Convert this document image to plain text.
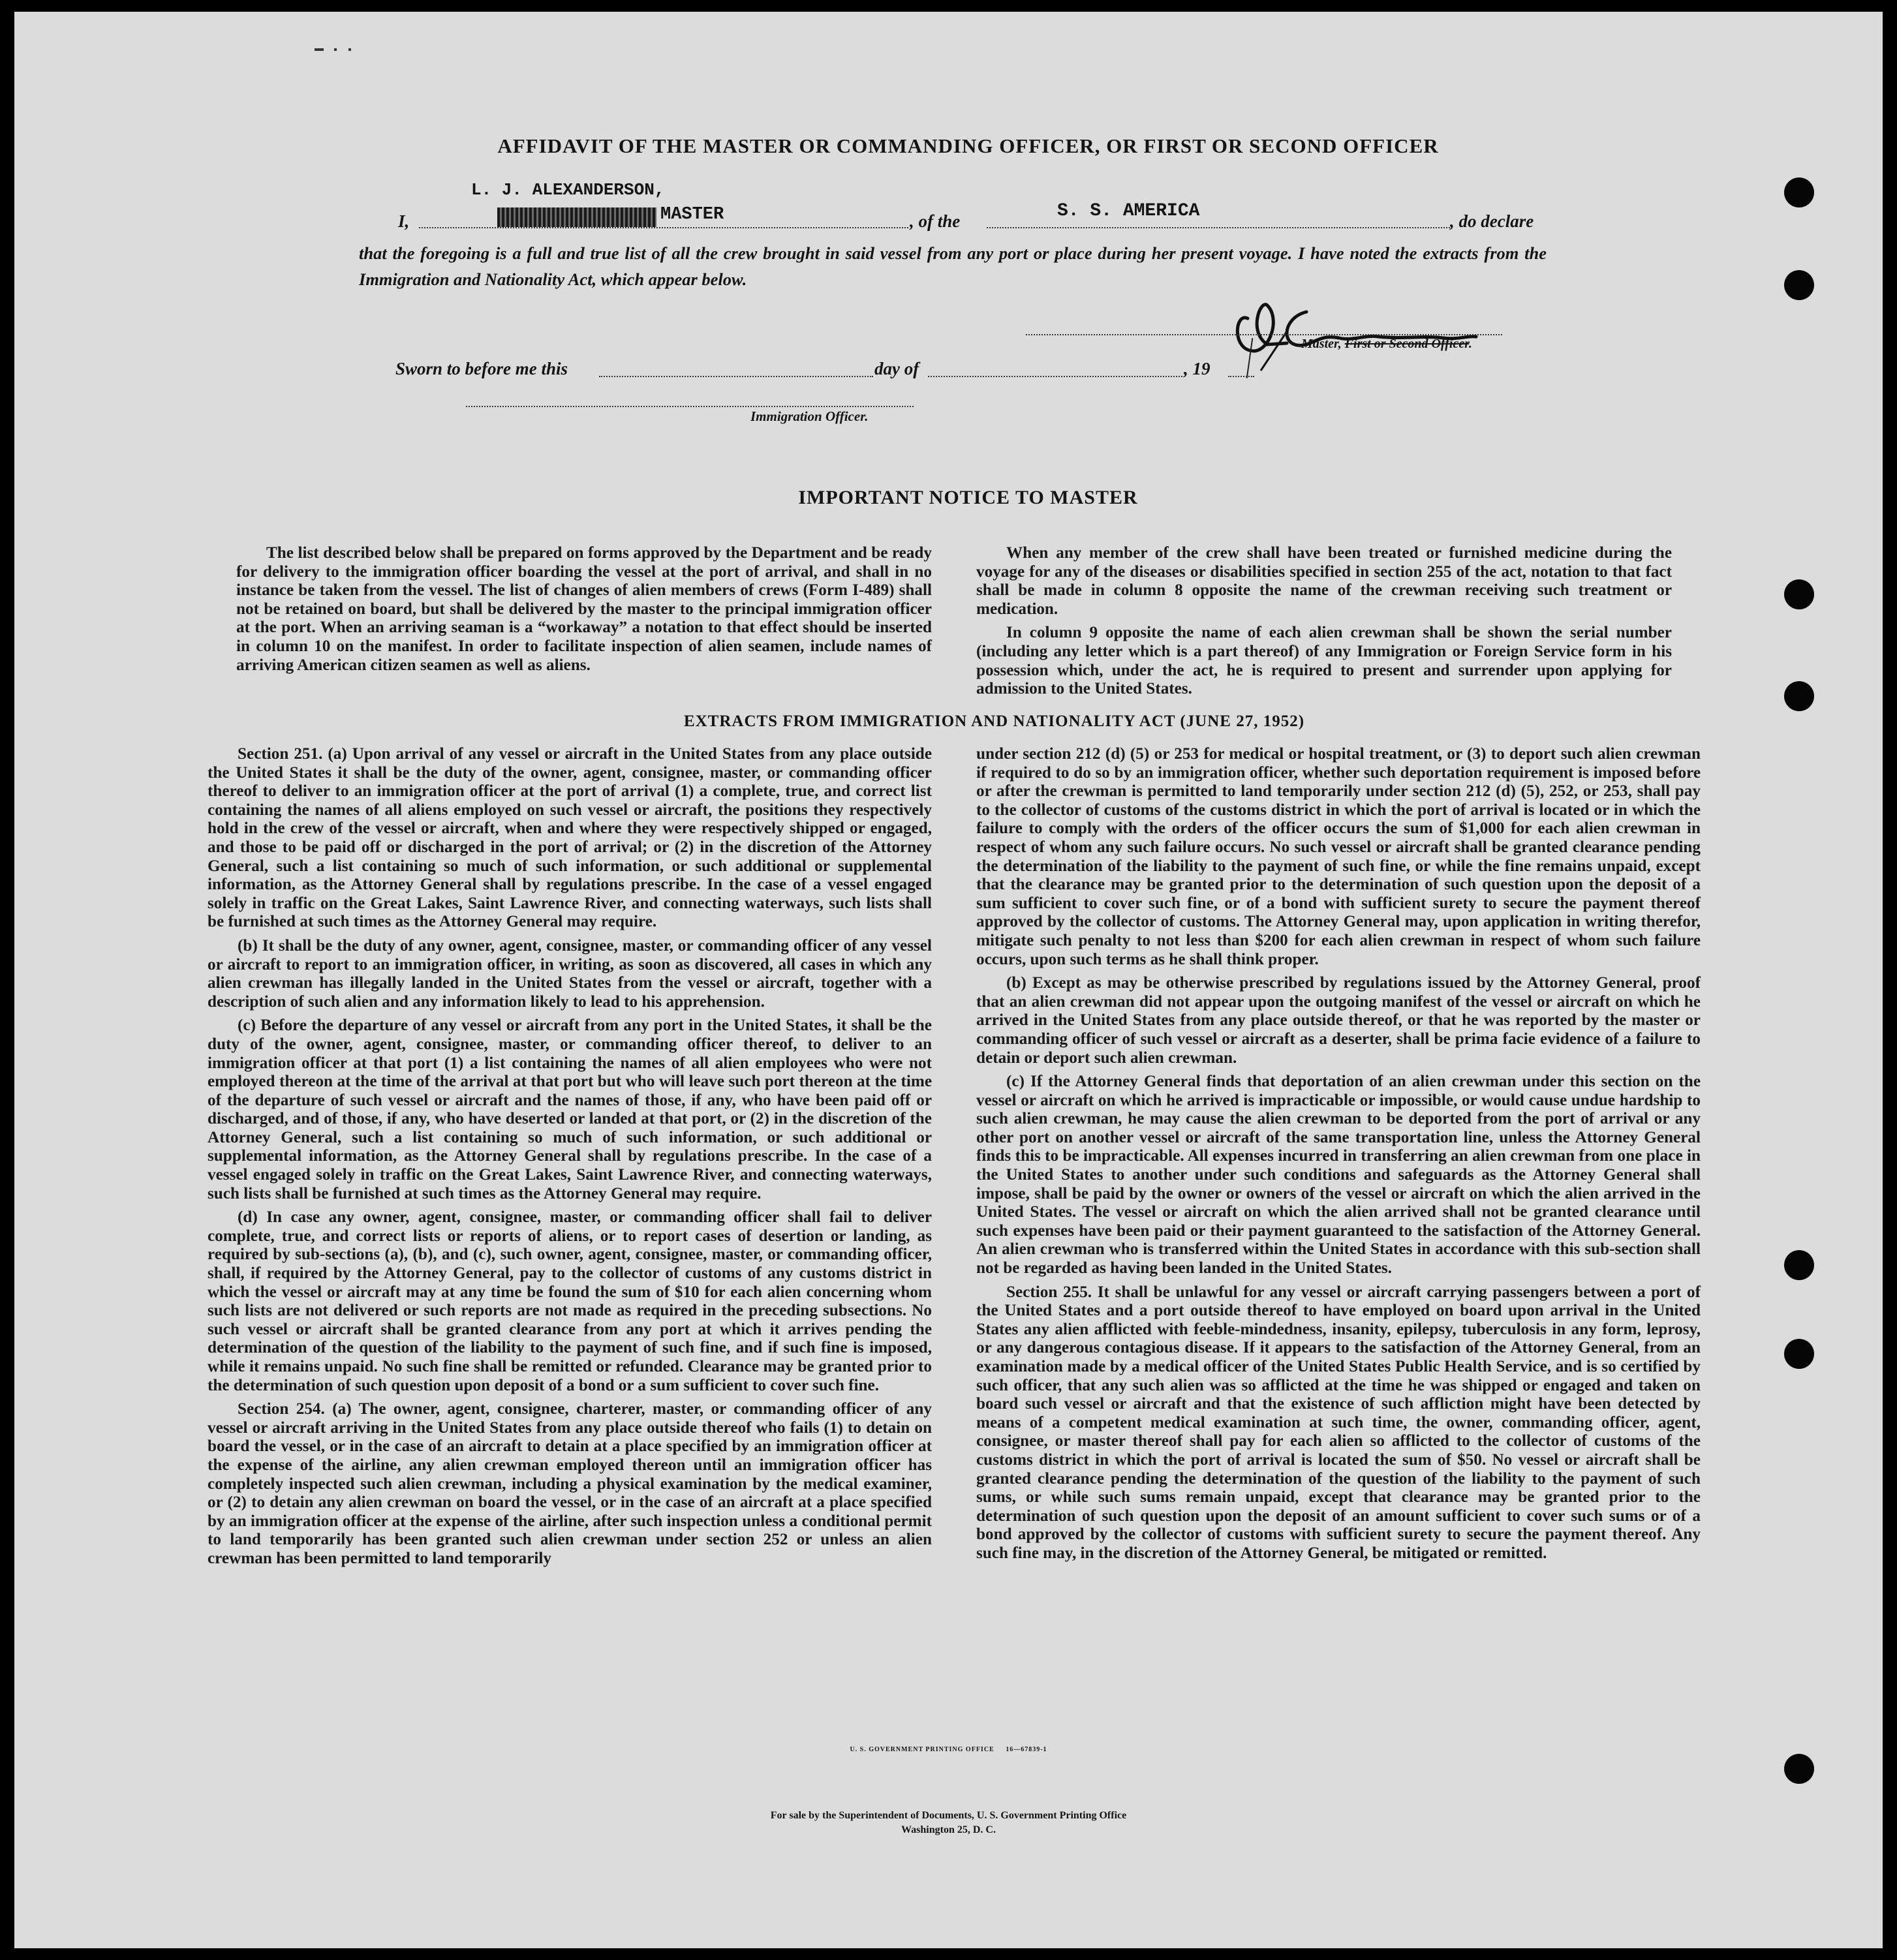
AFFIDAVIT OF THE MASTER OR COMMANDING OFFICER, OR FIRST OR SECOND OFFICER
L. J. ALEXANDERSON,
I,	MASTER	, of the	S. S. AMERICA	, do declare
that the foregoing is a full and true list of all the crew brought in said vessel from any port or place during her present voyage. I have noted the extracts from the Immigration and Nationality Act, which appear below.
Master, First or Second Officer.
Sworn to before me this	day of	, 19
Immigration Officer.
IMPORTANT NOTICE TO MASTER

The list described below shall be prepared on forms approved by the Department and be ready for delivery to the immigration officer boarding the vessel at the port of arrival, and shall in no instance be taken from the vessel. The list of changes of alien members of crews (Form I-489) shall not be retained on board, but shall be delivered by the master to the principal immigration officer at the port. When an arriving seaman is a “workaway” a notation to that effect should be inserted in column 10 on the manifest. In order to facilitate inspection of alien seamen, include names of arriving American citizen seamen as well as aliens.

When any member of the crew shall have been treated or furnished medicine during the voyage for any of the diseases or disabilities specified in section 255 of the act, notation to that fact shall be made in column 8 opposite the name of the crewman receiving such treatment or medication.

In column 9 opposite the name of each alien crewman shall be shown the serial number (including any letter which is a part thereof) of any Immigration or Foreign Service form in his possession which, under the act, he is required to present and surrender upon applying for admission to the United States.

EXTRACTS FROM IMMIGRATION AND NATIONALITY ACT (JUNE 27, 1952)

Section 251. (a) Upon arrival of any vessel or aircraft in the United States from any place outside the United States it shall be the duty of the owner, agent, consignee, master, or commanding officer thereof to deliver to an immigration officer at the port of arrival (1) a complete, true, and correct list containing the names of all aliens employed on such vessel or aircraft, the positions they respectively hold in the crew of the vessel or aircraft, when and where they were respectively shipped or engaged, and those to be paid off or discharged in the port of arrival; or (2) in the discretion of the Attorney General, such a list containing so much of such information, or such additional or supplemental information, as the Attorney General shall by regulations prescribe. In the case of a vessel engaged solely in traffic on the Great Lakes, Saint Lawrence River, and connecting waterways, such lists shall be furnished at such times as the Attorney General may require.

(b) It shall be the duty of any owner, agent, consignee, master, or commanding officer of any vessel or aircraft to report to an immigration officer, in writing, as soon as discovered, all cases in which any alien crewman has illegally landed in the United States from the vessel or aircraft, together with a description of such alien and any information likely to lead to his apprehension.

(c) Before the departure of any vessel or aircraft from any port in the United States, it shall be the duty of the owner, agent, consignee, master, or commanding officer thereof, to deliver to an immigration officer at that port (1) a list containing the names of all alien employees who were not employed thereon at the time of the arrival at that port but who will leave such port thereon at the time of the departure of such vessel or aircraft and the names of those, if any, who have been paid off or discharged, and of those, if any, who have deserted or landed at that port, or (2) in the discretion of the Attorney General, such a list containing so much of such information, or such additional or supplemental information, as the Attorney General shall by regulations prescribe. In the case of a vessel engaged solely in traffic on the Great Lakes, Saint Lawrence River, and connecting waterways, such lists shall be furnished at such times as the Attorney General may require.

(d) In case any owner, agent, consignee, master, or commanding officer shall fail to deliver complete, true, and correct lists or reports of aliens, or to report cases of desertion or landing, as required by sub-sections (a), (b), and (c), such owner, agent, consignee, master, or commanding officer, shall, if required by the Attorney General, pay to the collector of customs of any customs district in which the vessel or aircraft may at any time be found the sum of $10 for each alien concerning whom such lists are not delivered or such reports are not made as required in the preceding subsections. No such vessel or aircraft shall be granted clearance from any port at which it arrives pending the determination of the question of the liability to the payment of such fine, and if such fine is imposed, while it remains unpaid. No such fine shall be remitted or refunded. Clearance may be granted prior to the determination of such question upon deposit of a bond or a sum sufficient to cover such fine.

Section 254. (a) The owner, agent, consignee, charterer, master, or commanding officer of any vessel or aircraft arriving in the United States from any place outside thereof who fails (1) to detain on board the vessel, or in the case of an aircraft to detain at a place specified by an immigration officer at the expense of the airline, any alien crewman employed thereon until an immigration officer has completely inspected such alien crewman, including a physical examination by the medical examiner, or (2) to detain any alien crewman on board the vessel, or in the case of an aircraft at a place specified by an immigration officer at the expense of the airline, after such inspection unless a conditional permit to land temporarily has been granted such alien crewman under section 252 or unless an alien crewman has been permitted to land temporarily

under section 212 (d) (5) or 253 for medical or hospital treatment, or (3) to deport such alien crewman if required to do so by an immigration officer, whether such deportation requirement is imposed before or after the crewman is permitted to land temporarily under section 212 (d) (5), 252, or 253, shall pay to the collector of customs of the customs district in which the port of arrival is located or in which the failure to comply with the orders of the officer occurs the sum of $1,000 for each alien crewman in respect of whom any such failure occurs. No such vessel or aircraft shall be granted clearance pending the determination of the liability to the payment of such fine, or while the fine remains unpaid, except that the clearance may be granted prior to the determination of such question upon the deposit of a sum sufficient to cover such fine, or of a bond with sufficient surety to secure the payment thereof approved by the collector of customs. The Attorney General may, upon application in writing therefor, mitigate such penalty to not less than $200 for each alien crewman in respect of whom such failure occurs, upon such terms as he shall think proper.

(b) Except as may be otherwise prescribed by regulations issued by the Attorney General, proof that an alien crewman did not appear upon the outgoing manifest of the vessel or aircraft on which he arrived in the United States from any place outside thereof, or that he was reported by the master or commanding officer of such vessel or aircraft as a deserter, shall be prima facie evidence of a failure to detain or deport such alien crewman.

(c) If the Attorney General finds that deportation of an alien crewman under this section on the vessel or aircraft on which he arrived is impracticable or impossible, or would cause undue hardship to such alien crewman, he may cause the alien crewman to be deported from the port of arrival or any other port on another vessel or aircraft of the same transportation line, unless the Attorney General finds this to be impracticable. All expenses incurred in transferring an alien crewman from one place in the United States to another under such conditions and safeguards as the Attorney General shall impose, shall be paid by the owner or owners of the vessel or aircraft on which the alien arrived in the United States. The vessel or aircraft on which the alien arrived shall not be granted clearance until such expenses have been paid or their payment guaranteed to the satisfaction of the Attorney General. An alien crewman who is transferred within the United States in accordance with this sub-section shall not be regarded as having been landed in the United States.

Section 255. It shall be unlawful for any vessel or aircraft carrying passengers between a port of the United States and a port outside thereof to have employed on board upon arrival in the United States any alien afflicted with feeble-mindedness, insanity, epilepsy, tuberculosis in any form, leprosy, or any dangerous contagious disease. If it appears to the satisfaction of the Attorney General, from an examination made by a medical officer of the United States Public Health Service, and is so certified by such officer, that any such alien was so afflicted at the time he was shipped or engaged and taken on board such vessel or aircraft and that the existence of such affliction might have been detected by means of a competent medical examination at such time, the owner, commanding officer, agent, consignee, or master thereof shall pay for each alien so afflicted to the collector of customs of the customs district in which the port of arrival is located the sum of $50. No vessel or aircraft shall be granted clearance pending the determination of the question of the liability to the payment of such sums, or while such sums remain unpaid, except that clearance may be granted prior to the determination of such question upon the deposit of an amount sufficient to cover such sums or of a bond approved by the collector of customs with sufficient surety to secure the payment thereof. Any such fine may, in the discretion of the Attorney General, be mitigated or remitted.

U. S. GOVERNMENT PRINTING OFFICE     16—67839-1
For sale by the Superintendent of Documents, U. S. Government Printing Office
Washington 25, D. C.
